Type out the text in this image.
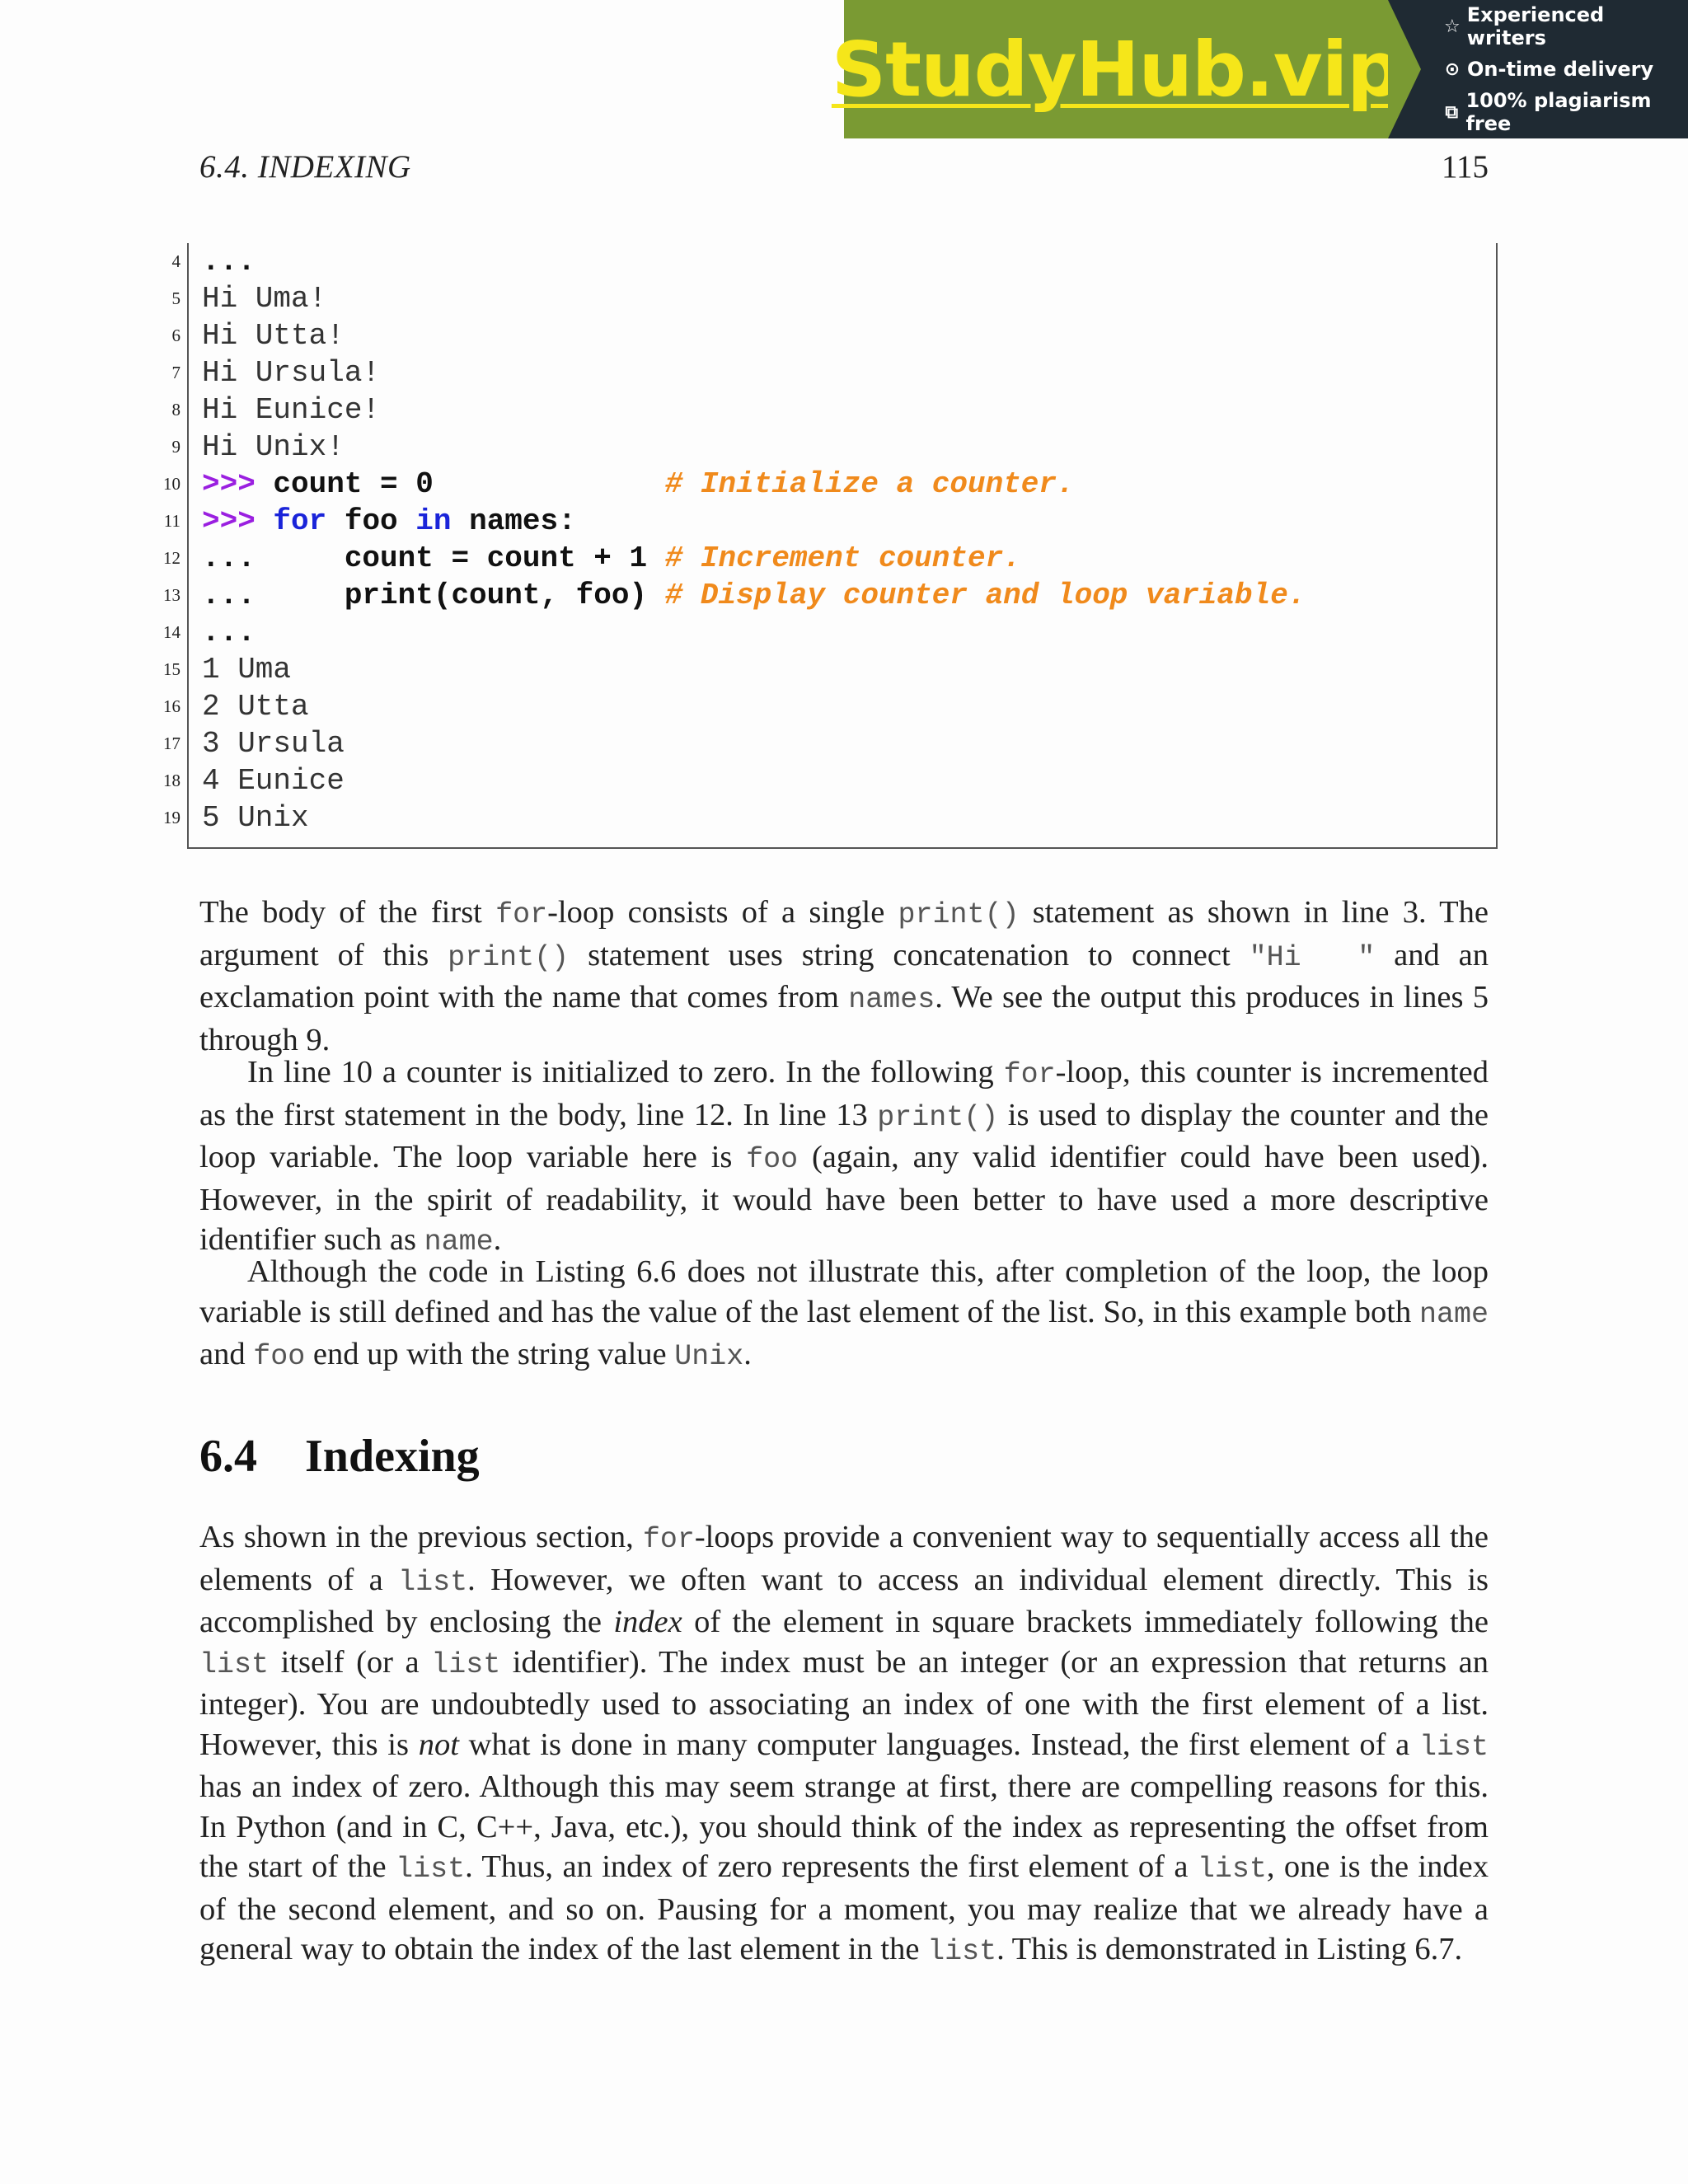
StudyHub.vip ☆ Experienced writers
⊙ On-time delivery
⧉ 100% plagiarism free
6.4. INDEXING	115
4 ...
5 Hi Uma!
6 Hi Utta!
7 Hi Ursula!
8 Hi Eunice!
9 Hi Unix!
10 >>> count = 0             # Initialize a counter.
11 >>> for foo in names:
12 ...     count = count + 1 # Increment counter.
13 ...     print(count, foo) # Display counter and loop variable.
14 ...
15 1 Uma
16 2 Utta
17 3 Ursula
18 4 Eunice
19 5 Unix

The body of the first for-loop consists of a single print() statement as shown in line 3. The argument of this print() statement uses string concatenation to connect "Hi  " and an exclamation point with the name that comes from names. We see the output this produces in lines 5 through 9.

In line 10 a counter is initialized to zero. In the following for-loop, this counter is incremented as the first statement in the body, line 12. In line 13 print() is used to display the counter and the loop variable. The loop variable here is foo (again, any valid identifier could have been used). However, in the spirit of readability, it would have been better to have used a more descriptive identifier such as name.

Although the code in Listing 6.6 does not illustrate this, after completion of the loop, the loop variable is still defined and has the value of the last element of the list. So, in this example both name and foo end up with the string value Unix.

6.4 Indexing

As shown in the previous section, for-loops provide a convenient way to sequentially access all the elements of a list. However, we often want to access an individual element directly. This is accomplished by enclosing the index of the element in square brackets immediately following the list itself (or a list identifier). The index must be an integer (or an expression that returns an integer). You are undoubtedly used to associating an index of one with the first element of a list. However, this is not what is done in many computer languages. Instead, the first element of a list has an index of zero. Although this may seem strange at first, there are compelling reasons for this. In Python (and in C, C++, Java, etc.), you should think of the index as representing the offset from the start of the list. Thus, an index of zero represents the first element of a list, one is the index of the second element, and so on. Pausing for a moment, you may realize that we already have a general way to obtain the index of the last element in the list. This is demonstrated in Listing 6.7.
